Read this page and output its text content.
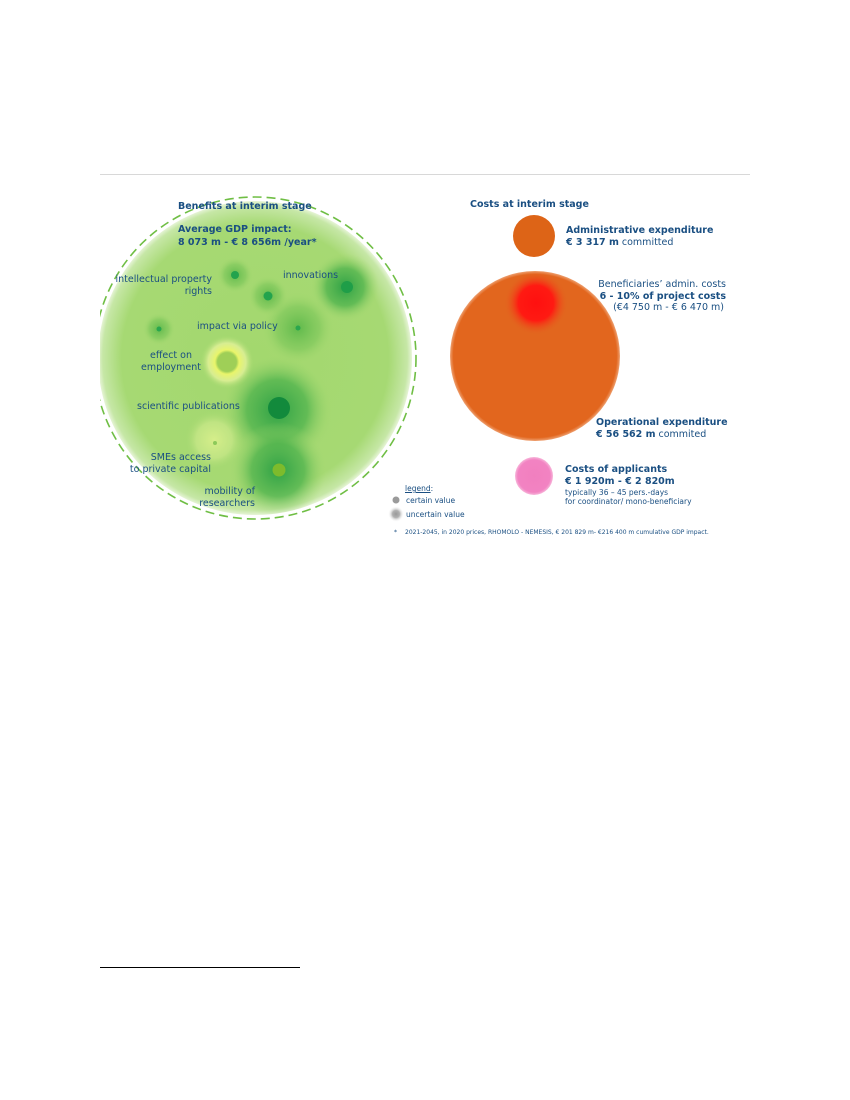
Benefits at interim stage
Average GDP impact:
8 073 m - € 8 656m /year*
intellectual property
rights
innovations
impact via policy
effect on
employment
scientific publications
SMEs access
to private capital
mobility of
researchers
Costs at interim stage
Administrative expenditure
€ 3 317 m committed
Beneficiaries’ admin. costs
6 - 10% of project costs
(€4 750 m - € 6 470 m)
Operational expenditure
€ 56 562 m commited
Costs of applicants
€ 1 920m - € 2 820m
typically 36 – 45 pers.-days
for coordinator/ mono-beneficiary
legend:
certain value
uncertain value
* 2021-2045, in 2020 prices, RHOMOLO - NEMESIS, € 201 829 m- €216 400 m cumulative GDP impact.
